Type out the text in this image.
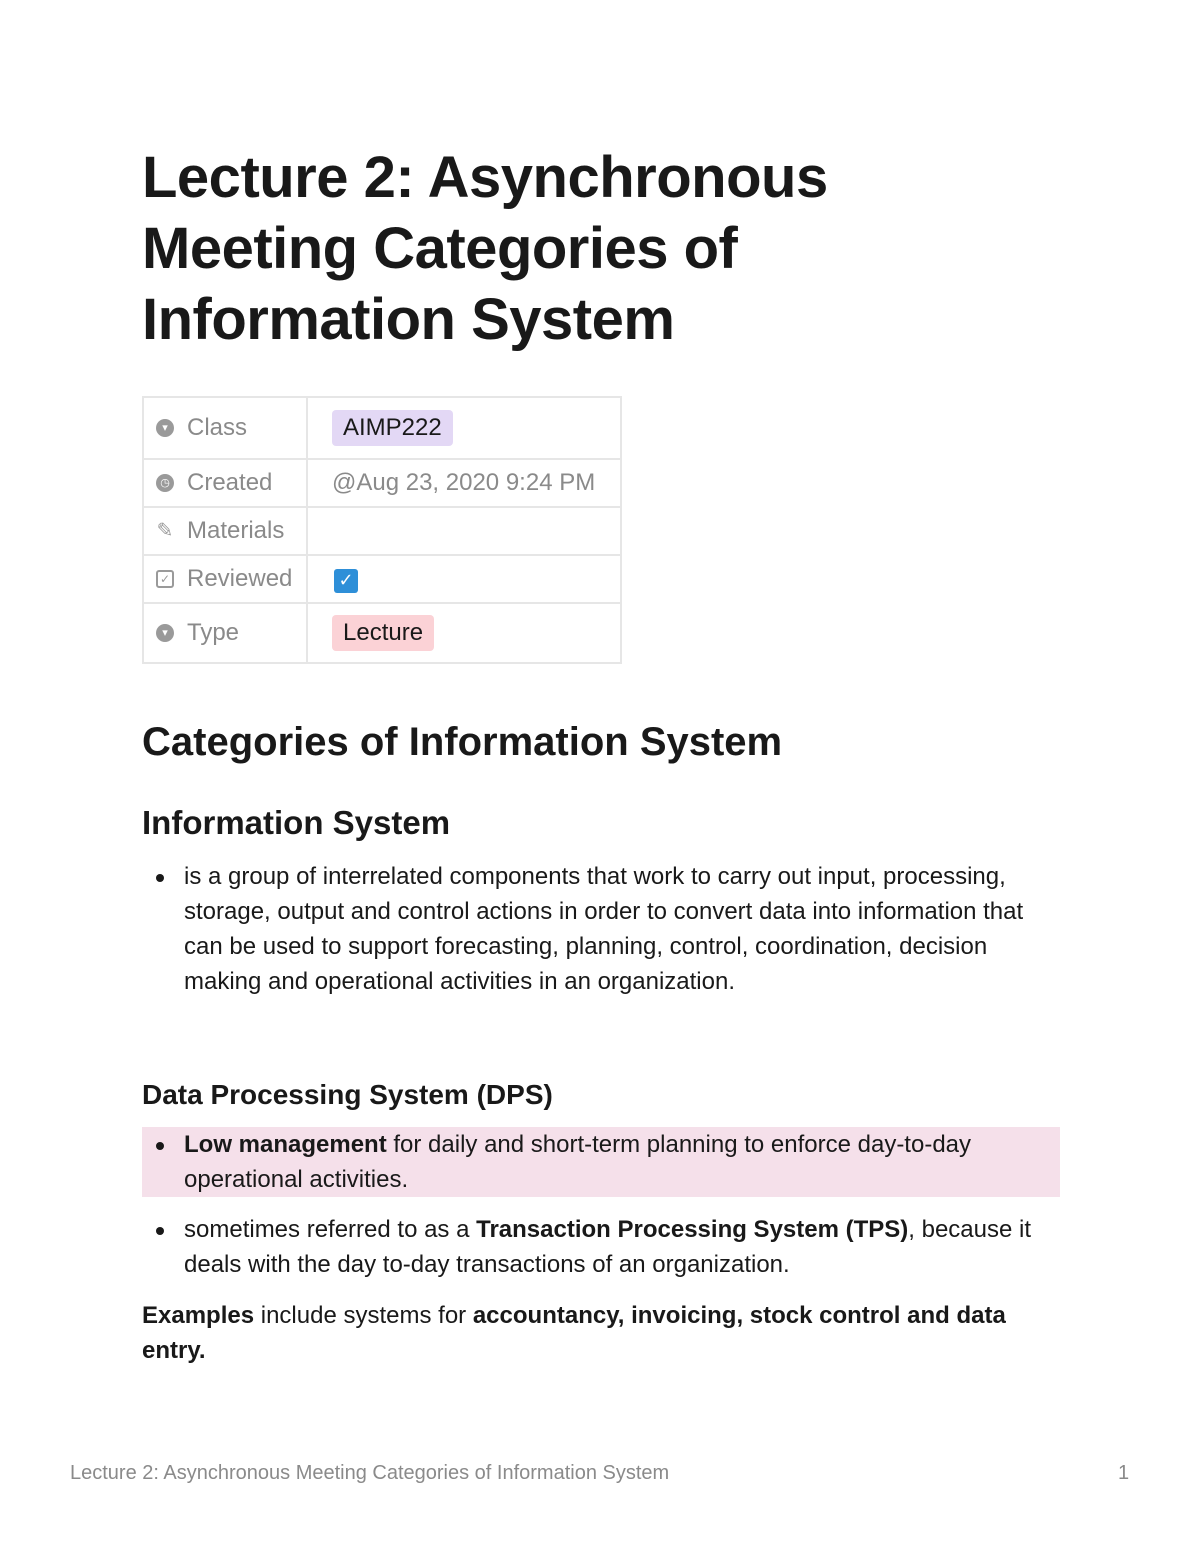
Lecture 2: Asynchronous Meeting Categories of Information System
▾ Class	AIMP222

◷ Created	@Aug 23, 2020 9:24 PM

✎ Materials	

✓ Reviewed	✓

▾ Type	Lecture
Categories of Information System
Information System
is a group of interrelated components that work to carry out input, processing, storage, output and control actions in order to convert data into information that can be used to support forecasting, planning, control, coordination, decision making and operational activities in an organization.
Data Processing System (DPS)
Low management for daily and short-term planning to enforce day-to-day operational activities.
sometimes referred to as a Transaction Processing System (TPS), because it deals with the day to-day transactions of an organization.

Examples include systems for accountancy, invoicing, stock control and data entry.

Lecture 2: Asynchronous Meeting Categories of Information System	1
